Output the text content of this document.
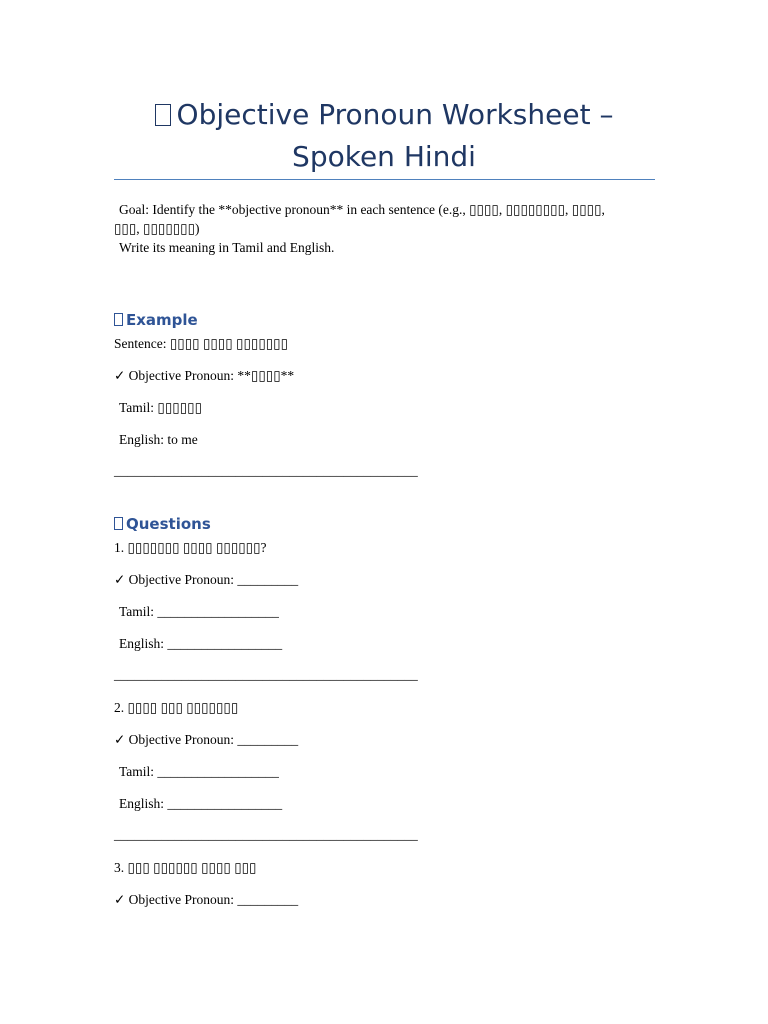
Objective Pronoun Worksheet –
Spoken Hindi
Goal: Identify the **objective pronoun** in each sentence (e.g., ▯▯▯▯, ▯▯▯▯▯▯▯▯, ▯▯▯▯,
▯▯▯, ▯▯▯▯▯▯▯)
Write its meaning in Tamil and English.
Example
Sentence: ▯▯▯▯ ▯▯▯▯ ▯▯▯▯▯▯▯
✓ Objective Pronoun: **▯▯▯▯**
Tamil: ▯▯▯▯▯▯
English: to me
_____________________________________________
Questions
1. ▯▯▯▯▯▯▯ ▯▯▯▯ ▯▯▯▯▯▯?
✓ Objective Pronoun: _________
Tamil: __________________
English: _________________
_____________________________________________
2. ▯▯▯▯ ▯▯▯ ▯▯▯▯▯▯▯
✓ Objective Pronoun: _________
Tamil: __________________
English: _________________
_____________________________________________
3. ▯▯▯ ▯▯▯▯▯▯ ▯▯▯▯ ▯▯▯
✓ Objective Pronoun: _________
